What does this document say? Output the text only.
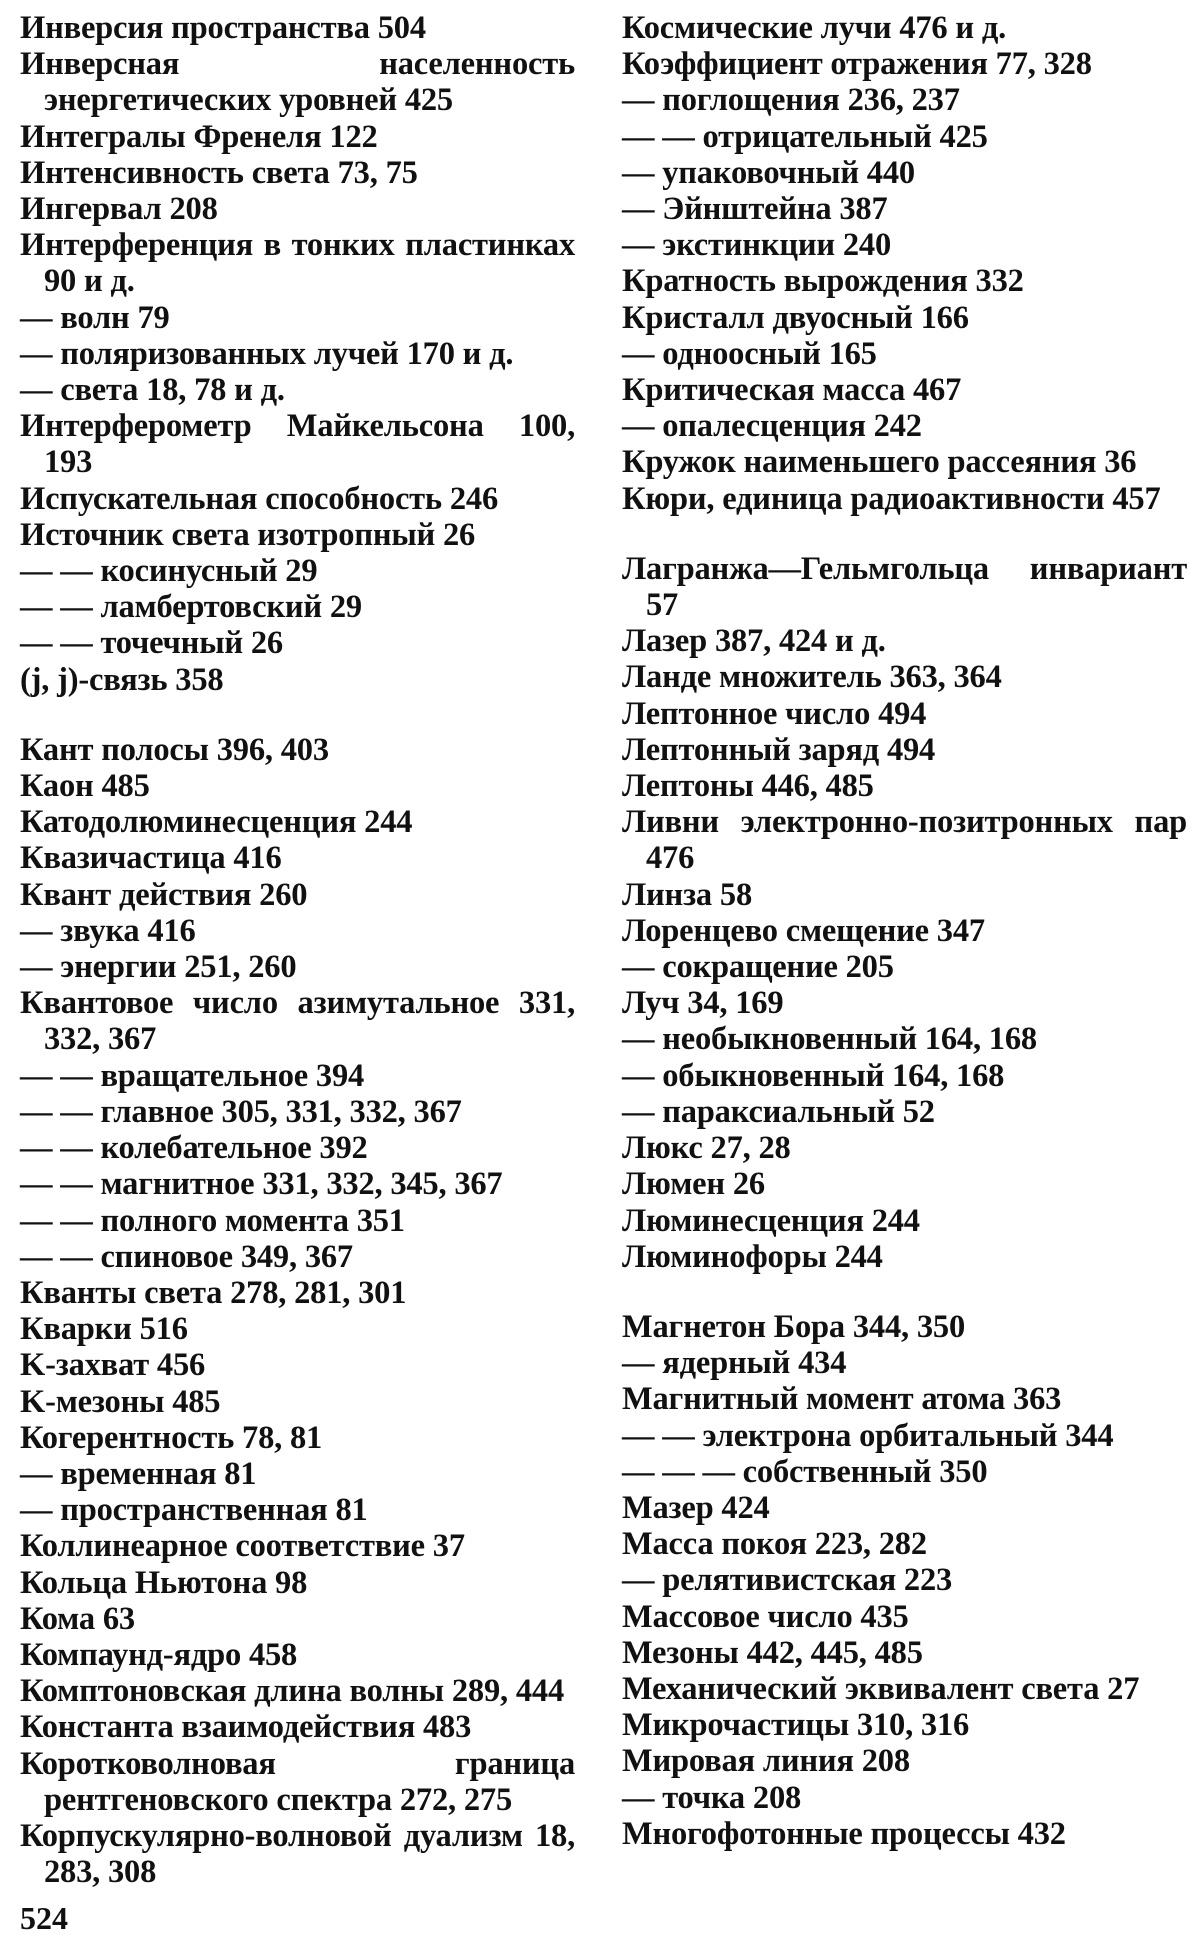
Инверсия пространства 504
Инверсная населенность энергетических уровней 425
Интегралы Френеля 122
Интенсивность света 73, 75
Ингервал 208
Интерференция в тонких пластинках 90 и д.
— волн 79
— поляризованных лучей 170 и д.
— света 18, 78 и д.
Интерферометр Майкельсона 100, 193
Испускательная способность 246
Источник света изотропный 26
— — косинусный 29
— — ламбертовский 29
— — точечный 26
(j, j)-связь 358
Кант полосы 396, 403
Каон 485
Катодолюминесценция 244
Квазичастица 416
Квант действия 260
— звука 416
— энергии 251, 260
Квантовое число азимутальное 331, 332, 367
— — вращательное 394
— — главное 305, 331, 332, 367
— — колебательное 392
— — магнитное 331, 332, 345, 367
— — полного момента 351
— — спиновое 349, 367
Кванты света 278, 281, 301
Кварки 516
K-захват 456
K-мезоны 485
Когерентность 78, 81
— временная 81
— пространственная 81
Коллинеарное соответствие 37
Кольца Ньютона 98
Кома 63
Компаунд-ядро 458
Комптоновская длина волны 289, 444
Константа взаимодействия 483
Коротковолновая граница рентгеновского спектра 272, 275
Корпускулярно-волновой дуализм 18, 283, 308
Космические лучи 476 и д.
Коэффициент отражения 77, 328
— поглощения 236, 237
— — отрицательный 425
— упаковочный 440
— Эйнштейна 387
— экстинкции 240
Кратность вырождения 332
Кристалл двуосный 166
— одноосный 165
Критическая масса 467
— опалесценция 242
Кружок наименьшего рассеяния 36
Кюри, единица радиоактивности 457
Лагранжа—Гельмгольца инвариант 57
Лазер 387, 424 и д.
Ланде множитель 363, 364
Лептонное число 494
Лептонный заряд 494
Лептоны 446, 485
Ливни электронно-позитронных пар 476
Линза 58
Лоренцево смещение 347
— сокращение 205
Луч 34, 169
— необыкновенный 164, 168
— обыкновенный 164, 168
— параксиальный 52
Люкс 27, 28
Люмен 26
Люминесценция 244
Люминофоры 244
Магнетон Бора 344, 350
— ядерный 434
Магнитный момент атома 363
— — электрона орбитальный 344
— — — собственный 350
Мазер 424
Масса покоя 223, 282
— релятивистская 223
Массовое число 435
Мезоны 442, 445, 485
Механический эквивалент света 27
Микрочастицы 310, 316
Мировая линия 208
— точка 208
Многофотонные процессы 432
524
